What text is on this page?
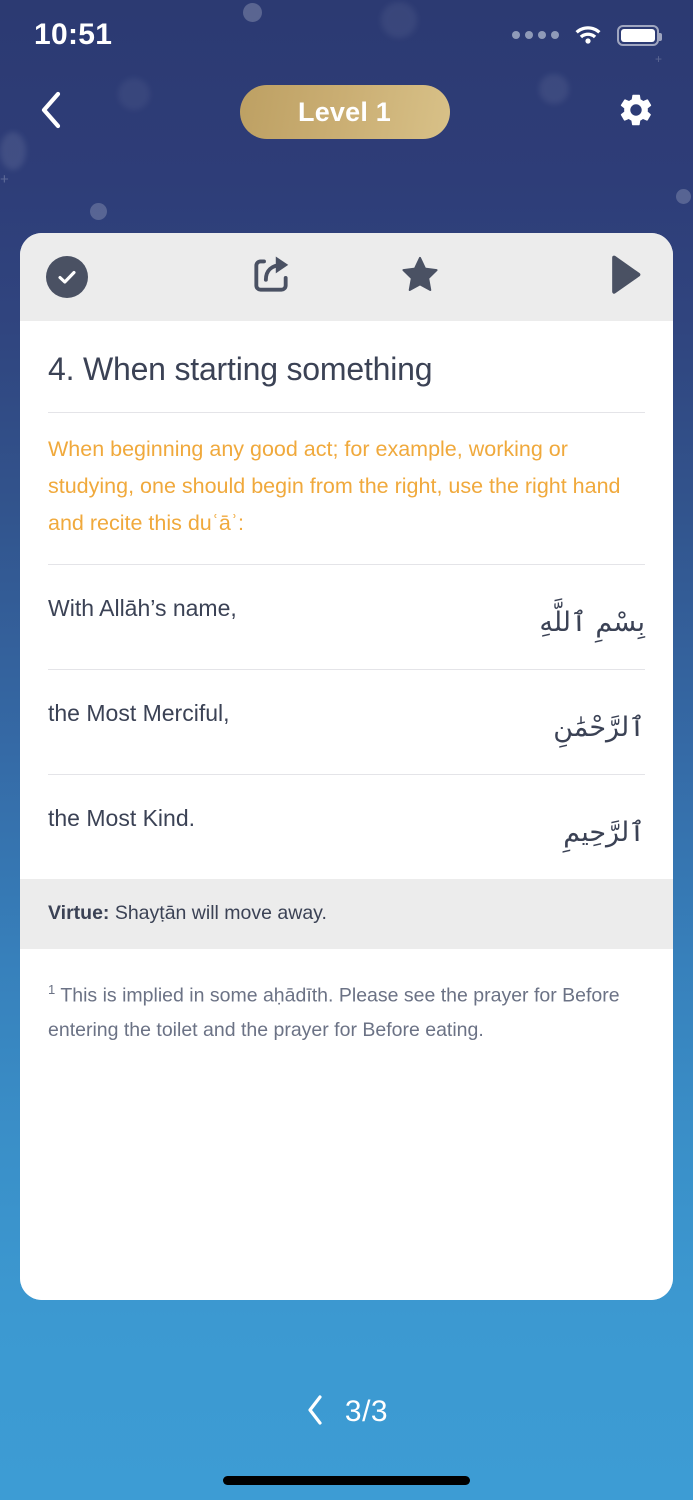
+
+
10:51
Level 1
4. When starting something
When beginning any good act; for example, working or studying, one should begin from the right, use the right hand and recite this duʿāʾ:
With Allāh’s name,	بِسْمِ ٱللَّهِ
the Most Merciful,	ٱلرَّحْمَٰنِ
the Most Kind.	ٱلرَّحِيمِ
Virtue: Shayṭān will move away.
$^1$ This is implied in some aḥādīth. Please see the prayer for Before entering the toilet and the prayer for Before eating.
3/3
